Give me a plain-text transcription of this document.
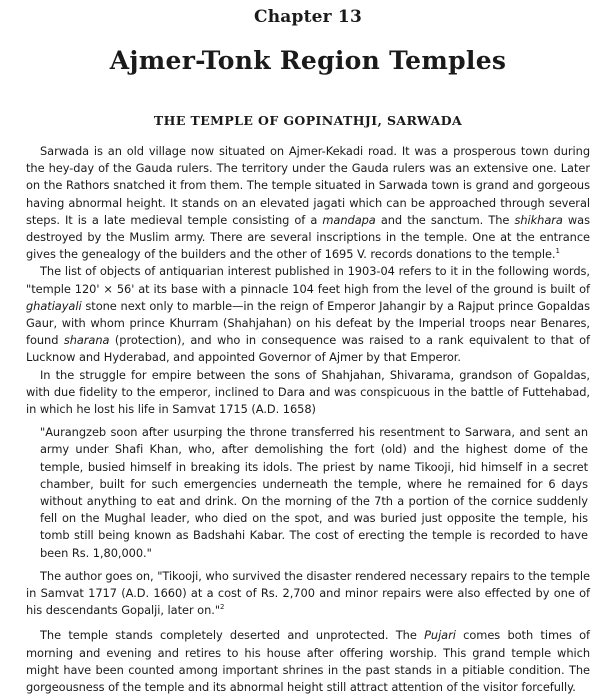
Chapter 13
Ajmer-Tonk Region Temples
THE TEMPLE OF GOPINATHJI, SARWADA

Sarwada is an old village now situated on Ajmer-Kekadi road. It was a prosperous town during the hey-day of the Gauda rulers. The territory under the Gauda rulers was an extensive one. Later on the Rathors snatched it from them. The temple situated in Sarwada town is grand and gorgeous having abnormal height. It stands on an elevated jagati which can be approached through several steps. It is a late medieval temple consisting of a mandapa and the sanctum. The shikhara was destroyed by the Muslim army. There are several inscriptions in the temple. One at the entrance gives the genealogy of the builders and the other of 1695 V. records donations to the temple.$^1$

The list of objects of antiquarian interest published in 1903-04 refers to it in the following words, "temple 120' × 56' at its base with a pinnacle 104 feet high from the level of the ground is built of ghatiayali stone next only to marble—in the reign of Emperor Jahangir by a Rajput prince Gopaldas Gaur, with whom prince Khurram (Shahjahan) on his defeat by the Imperial troops near Benares, found sharana (protection), and who in consequence was raised to a rank equivalent to that of Lucknow and Hyderabad, and appointed Governor of Ajmer by that Emperor.

In the struggle for empire between the sons of Shahjahan, Shivarama, grandson of Gopaldas, with due fidelity to the emperor, inclined to Dara and was conspicuous in the battle of Futtehabad, in which he lost his life in Samvat 1715 (A.D. 1658)

"Aurangzeb soon after usurping the throne transferred his resentment to Sarwara, and sent an army under Shafi Khan, who, after demolishing the fort (old) and the highest dome of the temple, busied himself in breaking its idols. The priest by name Tikooji, hid himself in a secret chamber, built for such emergencies underneath the temple, where he remained for 6 days without anything to eat and drink. On the morning of the 7th a portion of the cornice suddenly fell on the Mughal leader, who died on the spot, and was buried just opposite the temple, his tomb still being known as Badshahi Kabar. The cost of erecting the temple is recorded to have been Rs. 1,80,000."

The author goes on, "Tikooji, who survived the disaster rendered necessary repairs to the temple in Samvat 1717 (A.D. 1660) at a cost of Rs. 2,700 and minor repairs were also effected by one of his descendants Gopalji, later on."$^2$

The temple stands completely deserted and unprotected. The Pujari comes both times of morning and evening and retires to his house after offering worship. This grand temple which might have been counted among important shrines in the past stands in a pitiable condition. The gorgeousness of the temple and its abnormal height still attract attention of the visitor forcefully.
